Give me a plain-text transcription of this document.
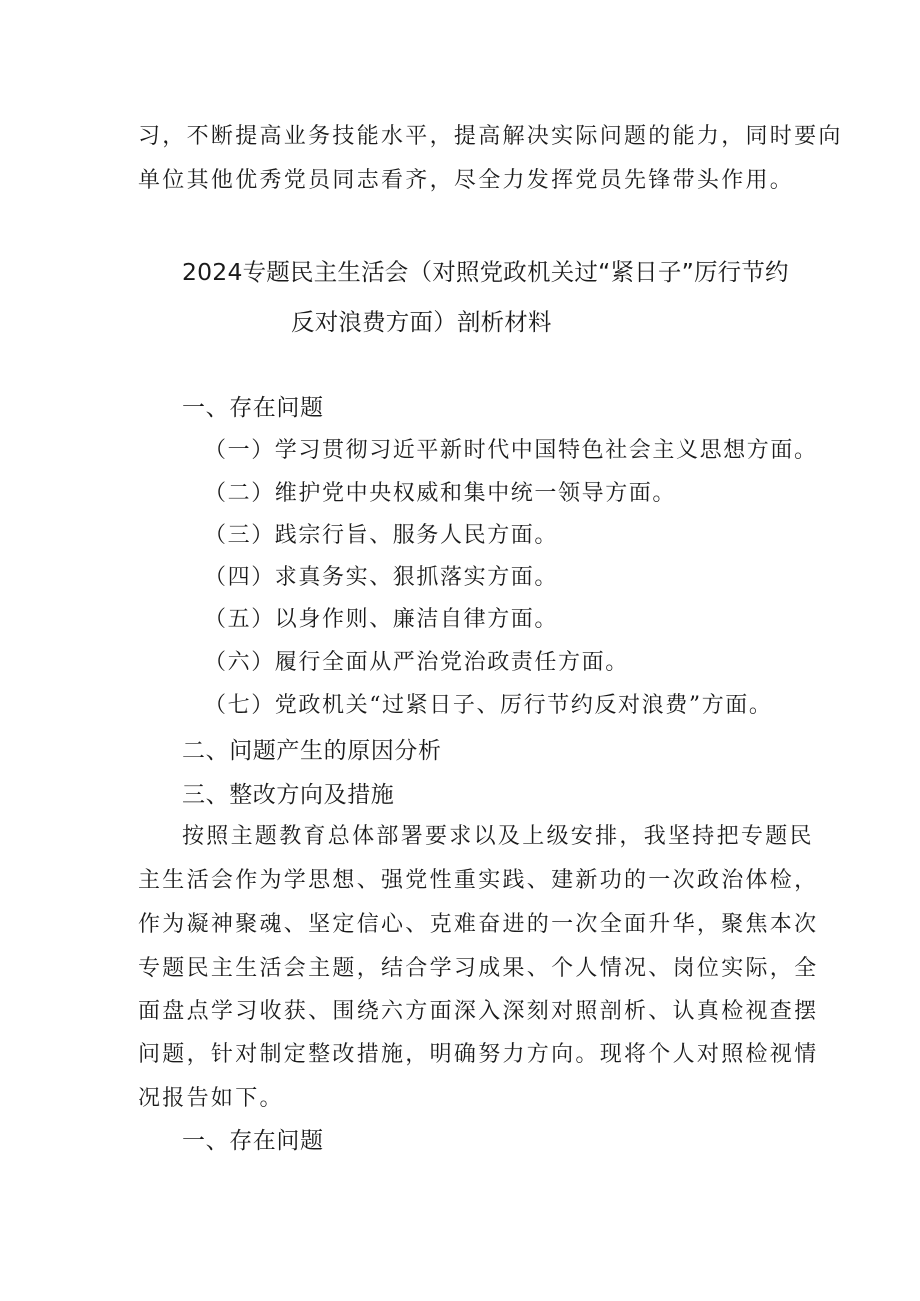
习，不断提高业务技能水平，提高解决实际问题的能力，同时要向
单位其他优秀党员同志看齐，尽全力发挥党员先锋带头作用。
2024专题民主生活会（对照党政机关过“紧日子”厉行节约
反对浪费方面）剖析材料
一、存在问题
（一）学习贯彻习近平新时代中国特色社会主义思想方面。
（二）维护党中央权威和集中统一领导方面。
（三）践宗行旨、服务人民方面。
（四）求真务实、狠抓落实方面。
（五）以身作则、廉洁自律方面。
（六）履行全面从严治党治政责任方面。
（七）党政机关“过紧日子、厉行节约反对浪费”方面。
二、问题产生的原因分析
三、整改方向及措施
按照主题教育总体部署要求以及上级安排，我坚持把专题民
主生活会作为学思想、强党性重实践、建新功的一次政治体检，
作为凝神聚魂、坚定信心、克难奋进的一次全面升华，聚焦本次
专题民主生活会主题，结合学习成果、个人情况、岗位实际，全
面盘点学习收获、围绕六方面深入深刻对照剖析、认真检视查摆
问题，针对制定整改措施，明确努力方向。现将个人对照检视情
况报告如下。
一、存在问题
